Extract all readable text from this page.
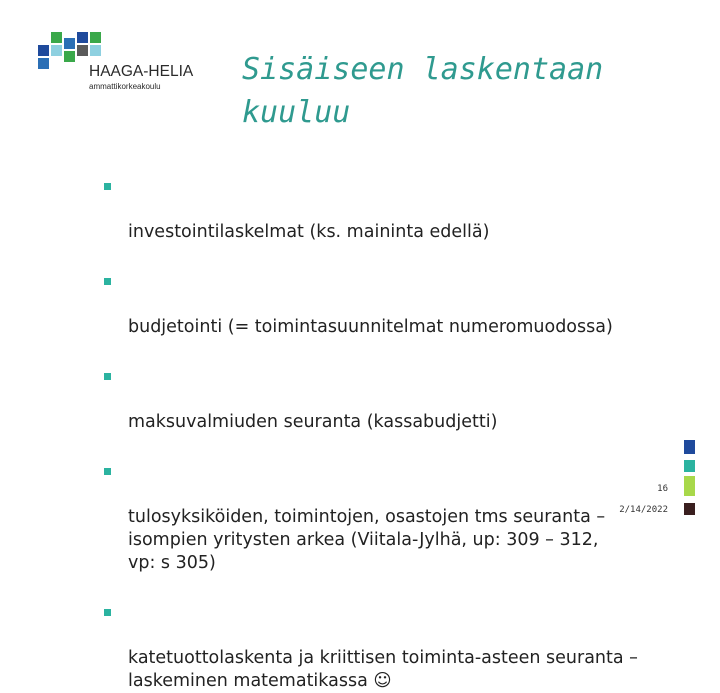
HAAGA-HELIA
ammattikorkeakoulu	Sisäiseen laskentaan kuuluu

investointilaskelmat (ks. maininta edellä)

budjetointi (= toimintasuunnitelmat numeromuodossa)

maksuvalmiuden seuranta (kassabudjetti)

tulosyksiköiden, toimintojen, osastojen tms seuranta –
isompien yritysten arkea (Viitala-Jylhä, up: 309 – 312,
vp: s 305)

katetuottolaskenta ja kriittisen toiminta-asteen seuranta –
laskeminen matematikassa ☺

16
2/14/2022
